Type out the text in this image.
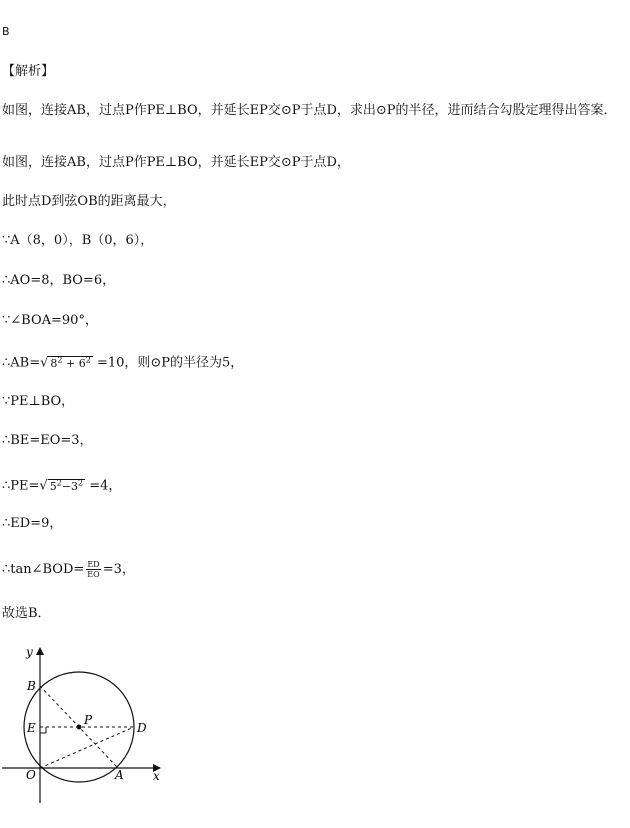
B
【解析】
如图，连接AB，过点P作PE⊥BO，并延长EP交⊙P于点D，求出⊙P的半径，进而结合勾股定理得出答案．
如图，连接AB，过点P作PE⊥BO，并延长EP交⊙P于点D，
此时点D到弦OB的距离最大，
∵A（8，0），B（0，6），
∴AO=8，BO=6，
∵∠BOA=90°，
∴AB=√ $8^2 + 6^2 =10$，则⊙P的半径为5，
∵PE⊥BO，
∴BE=EO=3，
∴PE=√ $5^2-3^2 =4$，
∴ED=9，
∴tan∠BOD= $\frac{ED}{EO} =3$，
故选B．
y
x
B
E
P
D
O	A
